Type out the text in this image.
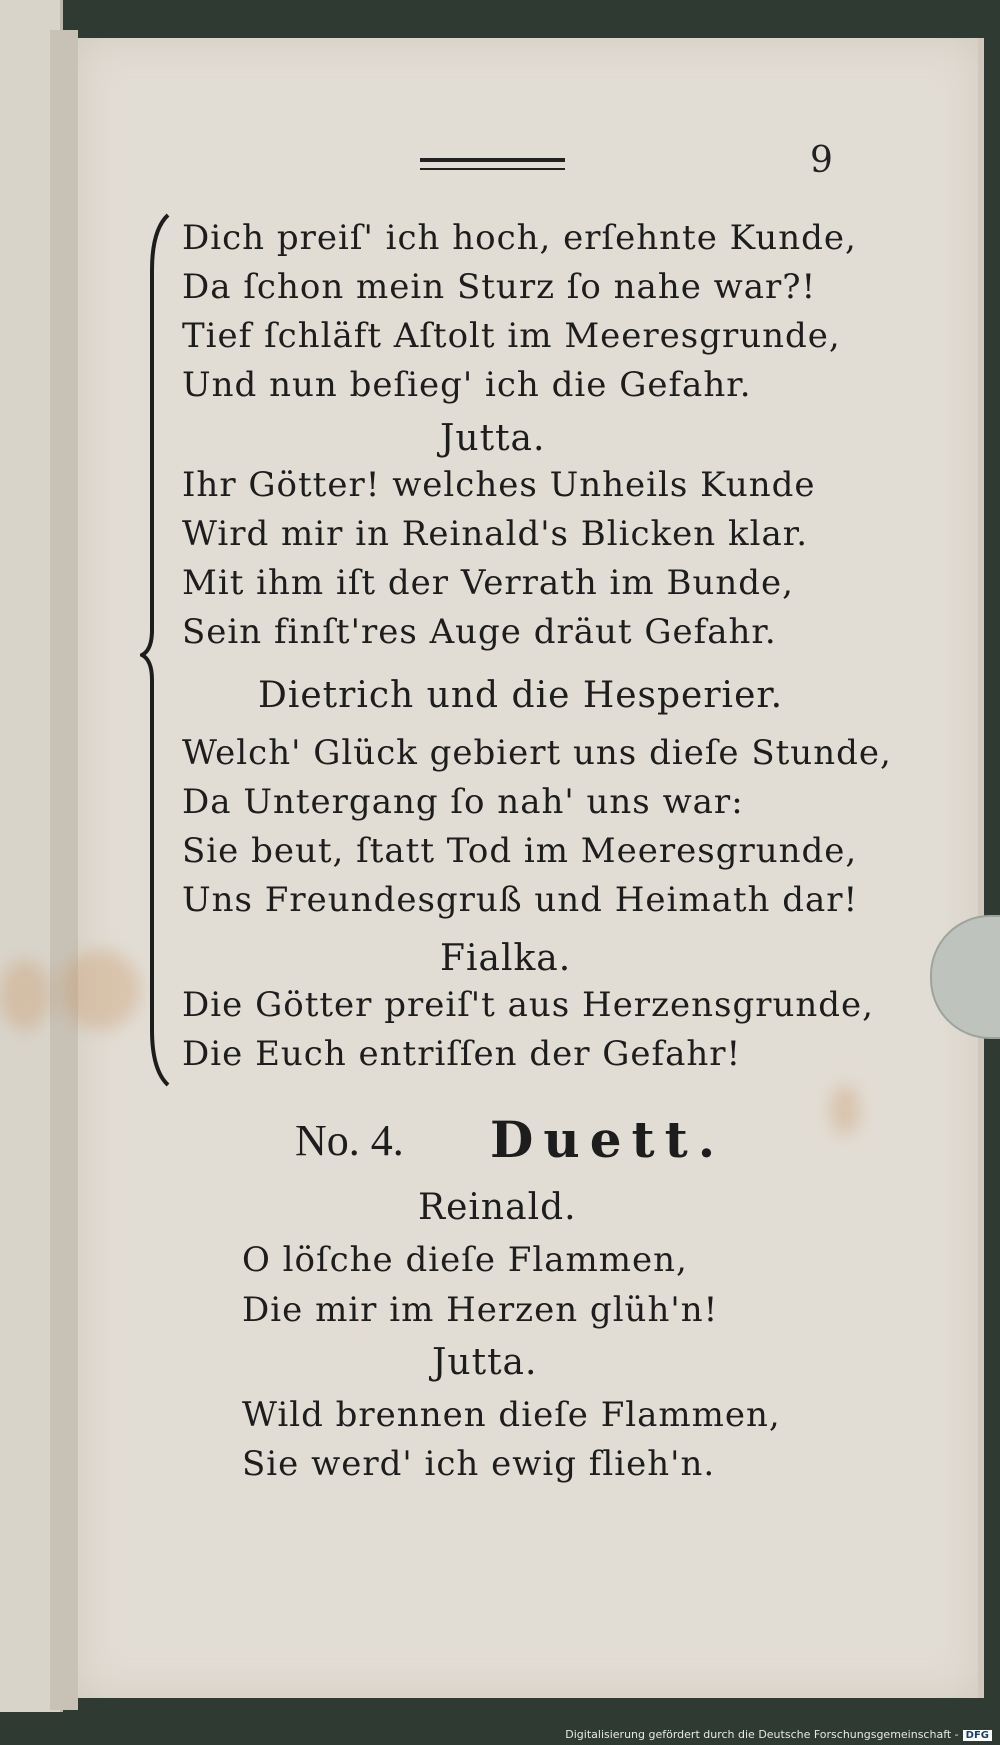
9
Dich preiſ' ich hoch, erſehnte Kunde,
Da ſchon mein Sturz ſo nahe war?!
Tief ſchläft Aſtolt im Meeresgrunde,
Und nun beſieg' ich die Gefahr.
Jutta.
Ihr Götter! welches Unheils Kunde
Wird mir in Reinald's Blicken klar.
Mit ihm iſt der Verrath im Bunde,
Sein finſt'res Auge dräut Gefahr.
Dietrich und die Hesperier.
Welch' Glück gebiert uns dieſe Stunde,
Da Untergang ſo nah' uns war:
Sie beut, ſtatt Tod im Meeresgrunde,
Uns Freundesgruß und Heimath dar!
Fialka.
Die Götter preiſ't aus Herzensgrunde,
Die Euch entriſſen der Gefahr!
No. 4. Duett.
Reinald.
O löſche dieſe Flammen,
Die mir im Herzen glüh'n!
Jutta.
Wild brennen dieſe Flammen,
Sie werd' ich ewig flieh'n.
Digitalisierung gefördert durch die Deutsche Forschungsgemeinschaft - DFG
